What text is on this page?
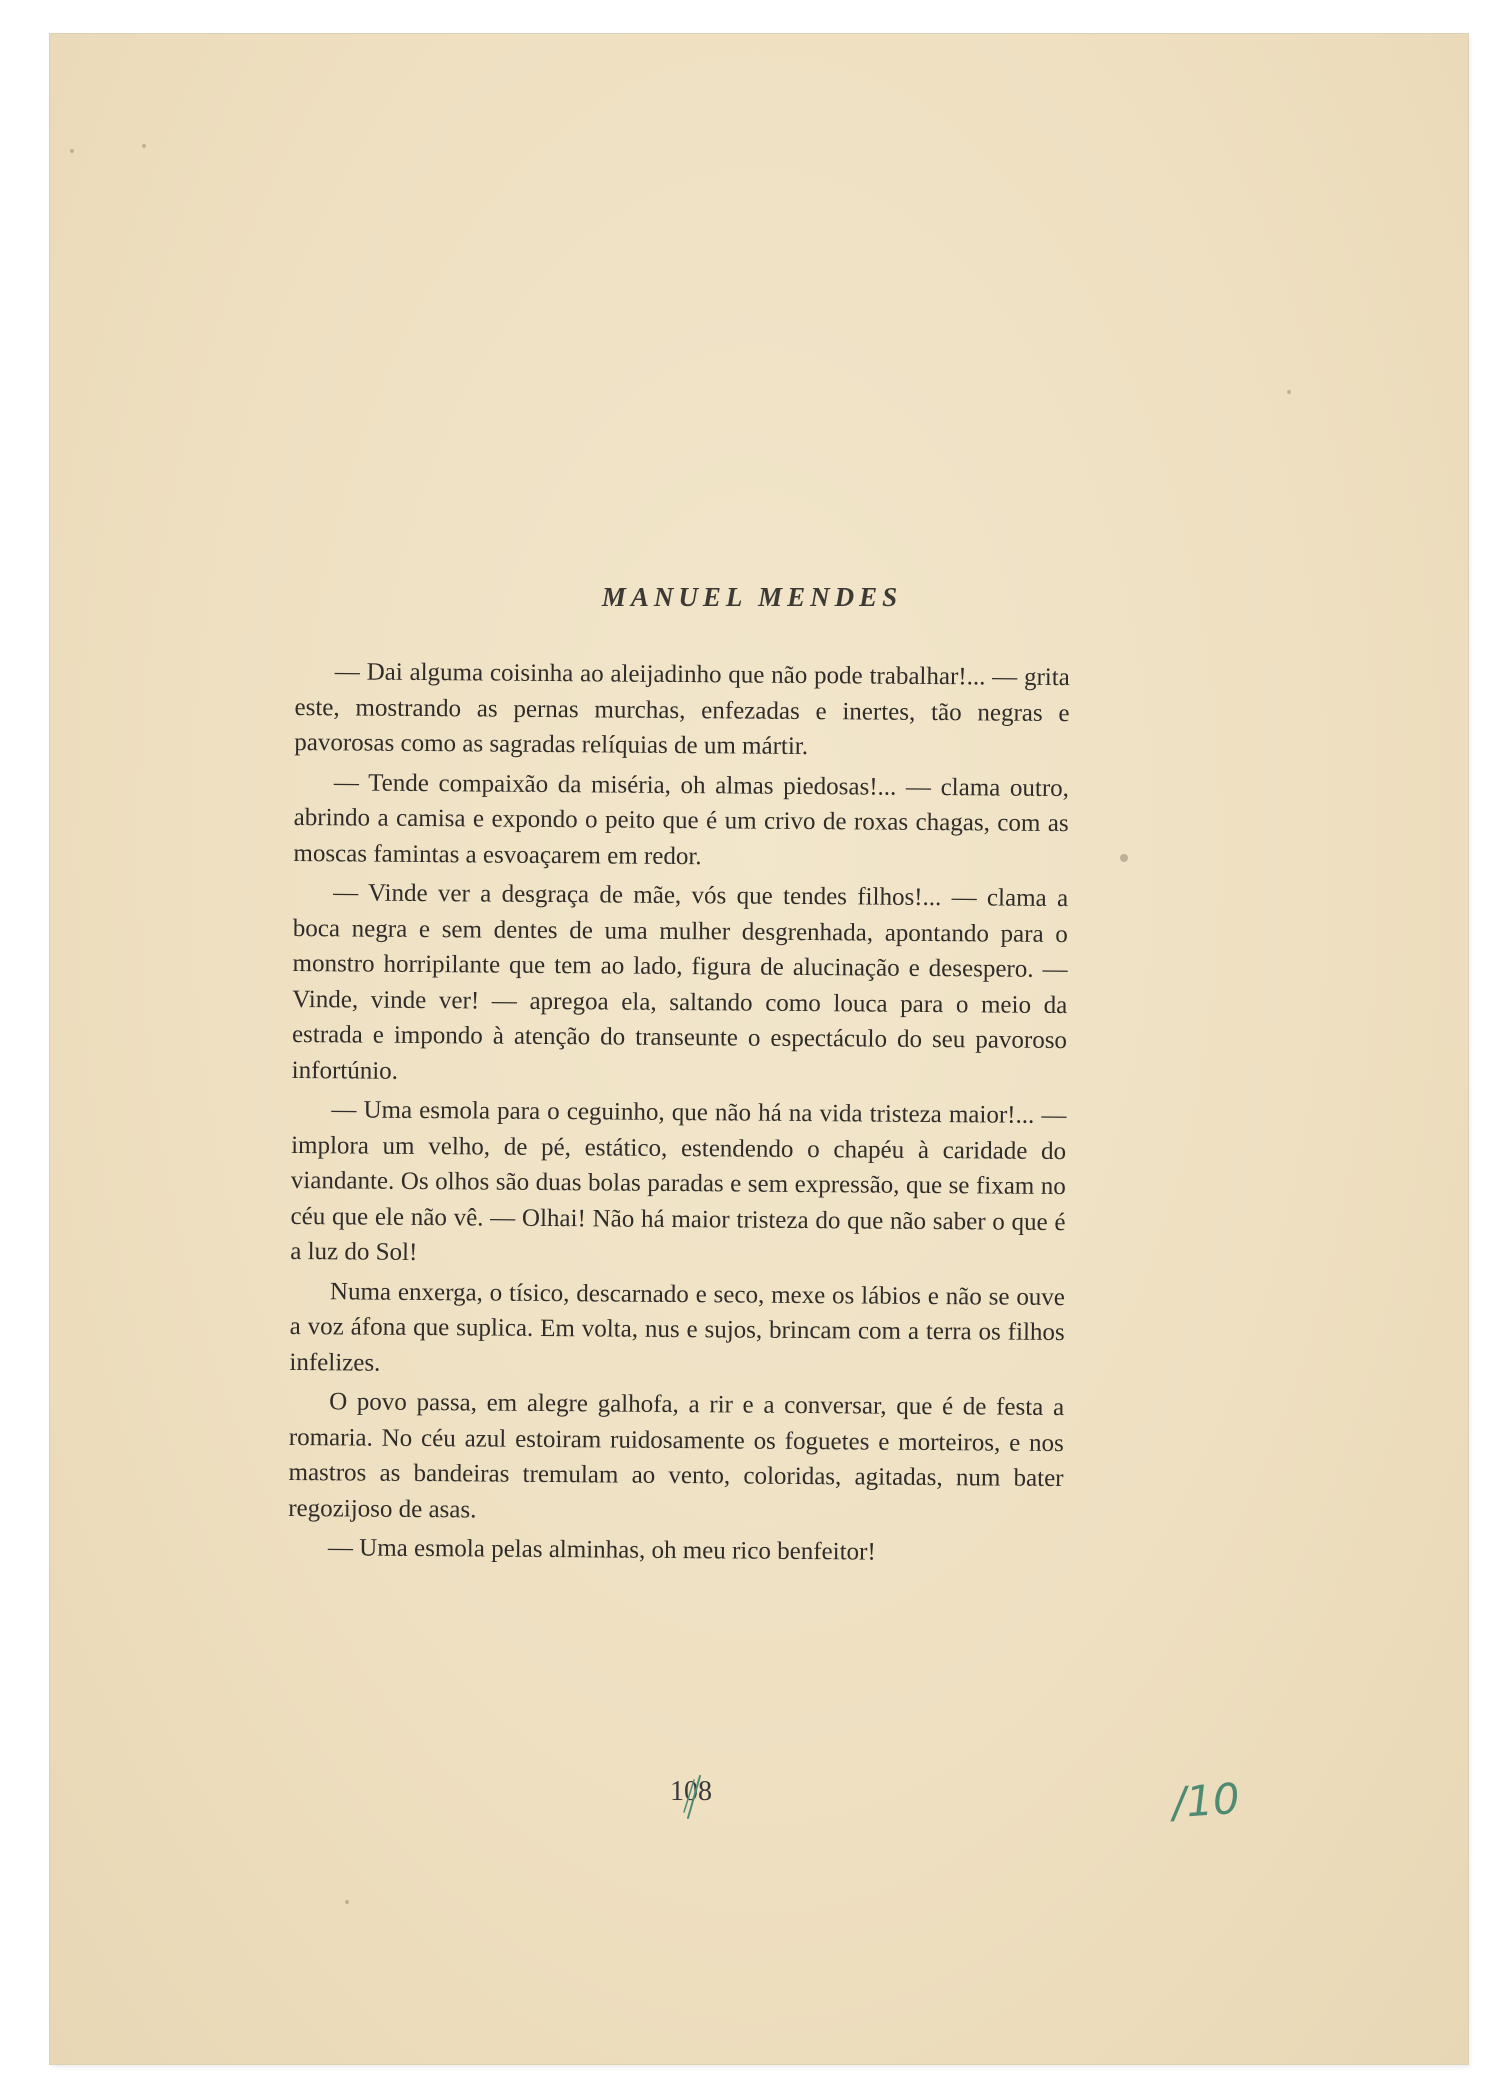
MANUEL MENDES

— Dai alguma coisinha ao aleijadinho que não pode trabalhar!... — grita este, mostrando as pernas murchas, enfezadas e inertes, tão negras e pavorosas como as sagradas relíquias de um mártir.

— Tende compaixão da miséria, oh almas piedosas!... — clama outro, abrindo a camisa e expondo o peito que é um crivo de roxas chagas, com as moscas famintas a esvoaçarem em redor.

— Vinde ver a desgraça de mãe, vós que tendes filhos!... — clama a boca negra e sem dentes de uma mulher desgrenhada, apontando para o monstro horripilante que tem ao lado, figura de alucinação e desespero. — Vinde, vinde ver! — apregoa ela, saltando como louca para o meio da estrada e impondo à atenção do transeunte o espectáculo do seu pavoroso infortúnio.

— Uma esmola para o ceguinho, que não há na vida tristeza maior!... — implora um velho, de pé, estático, estendendo o chapéu à caridade do viandante. Os olhos são duas bolas paradas e sem expressão, que se fixam no céu que ele não vê. — Olhai! Não há maior tristeza do que não saber o que é a luz do Sol!

Numa enxerga, o tísico, descarnado e seco, mexe os lábios e não se ouve a voz áfona que suplica. Em volta, nus e sujos, brincam com a terra os filhos infelizes.

O povo passa, em alegre galhofa, a rir e a conversar, que é de festa a romaria. No céu azul estoiram ruidosamente os foguetes e morteiros, e nos mastros as bandeiras tremulam ao vento, coloridas, agitadas, num bater regozijoso de asas.

— Uma esmola pelas alminhas, oh meu rico benfeitor!

108	/10
